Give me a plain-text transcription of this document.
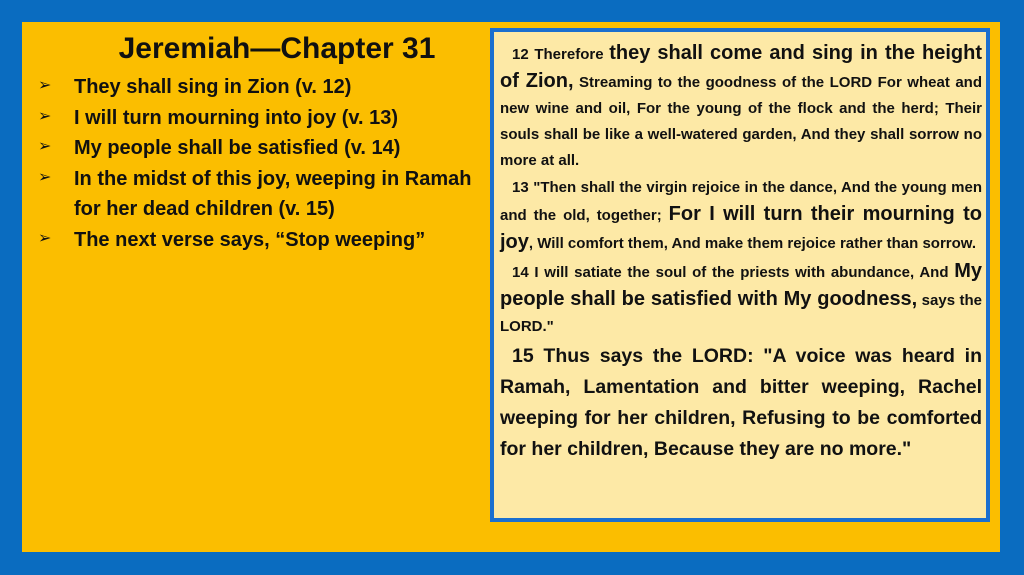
Jeremiah—Chapter 31
➢ They shall sing in Zion (v. 12)
➢ I will turn mourning into joy (v. 13)
➢ My people shall be satisfied (v. 14)
➢ In the midst of this joy, weeping in Ramah for her dead children (v. 15)
➢ The next verse says, “Stop weeping”

12 Therefore they shall come and sing in the height of Zion, Streaming to the goodness of the LORD For wheat and new wine and oil, For the young of the flock and the herd; Their souls shall be like a well-watered garden, And they shall sorrow no more at all.

13 "Then shall the virgin rejoice in the dance, And the young men and the old, together; For I will turn their mourning to joy, Will comfort them, And make them rejoice rather than sorrow.

14 I will satiate the soul of the priests with abundance, And My people shall be satisfied with My goodness, says the LORD."

15 Thus says the LORD: "A voice was heard in Ramah, Lamentation and bitter weeping, Rachel weeping for her children, Refusing to be comforted for her children, Because they are no more."
